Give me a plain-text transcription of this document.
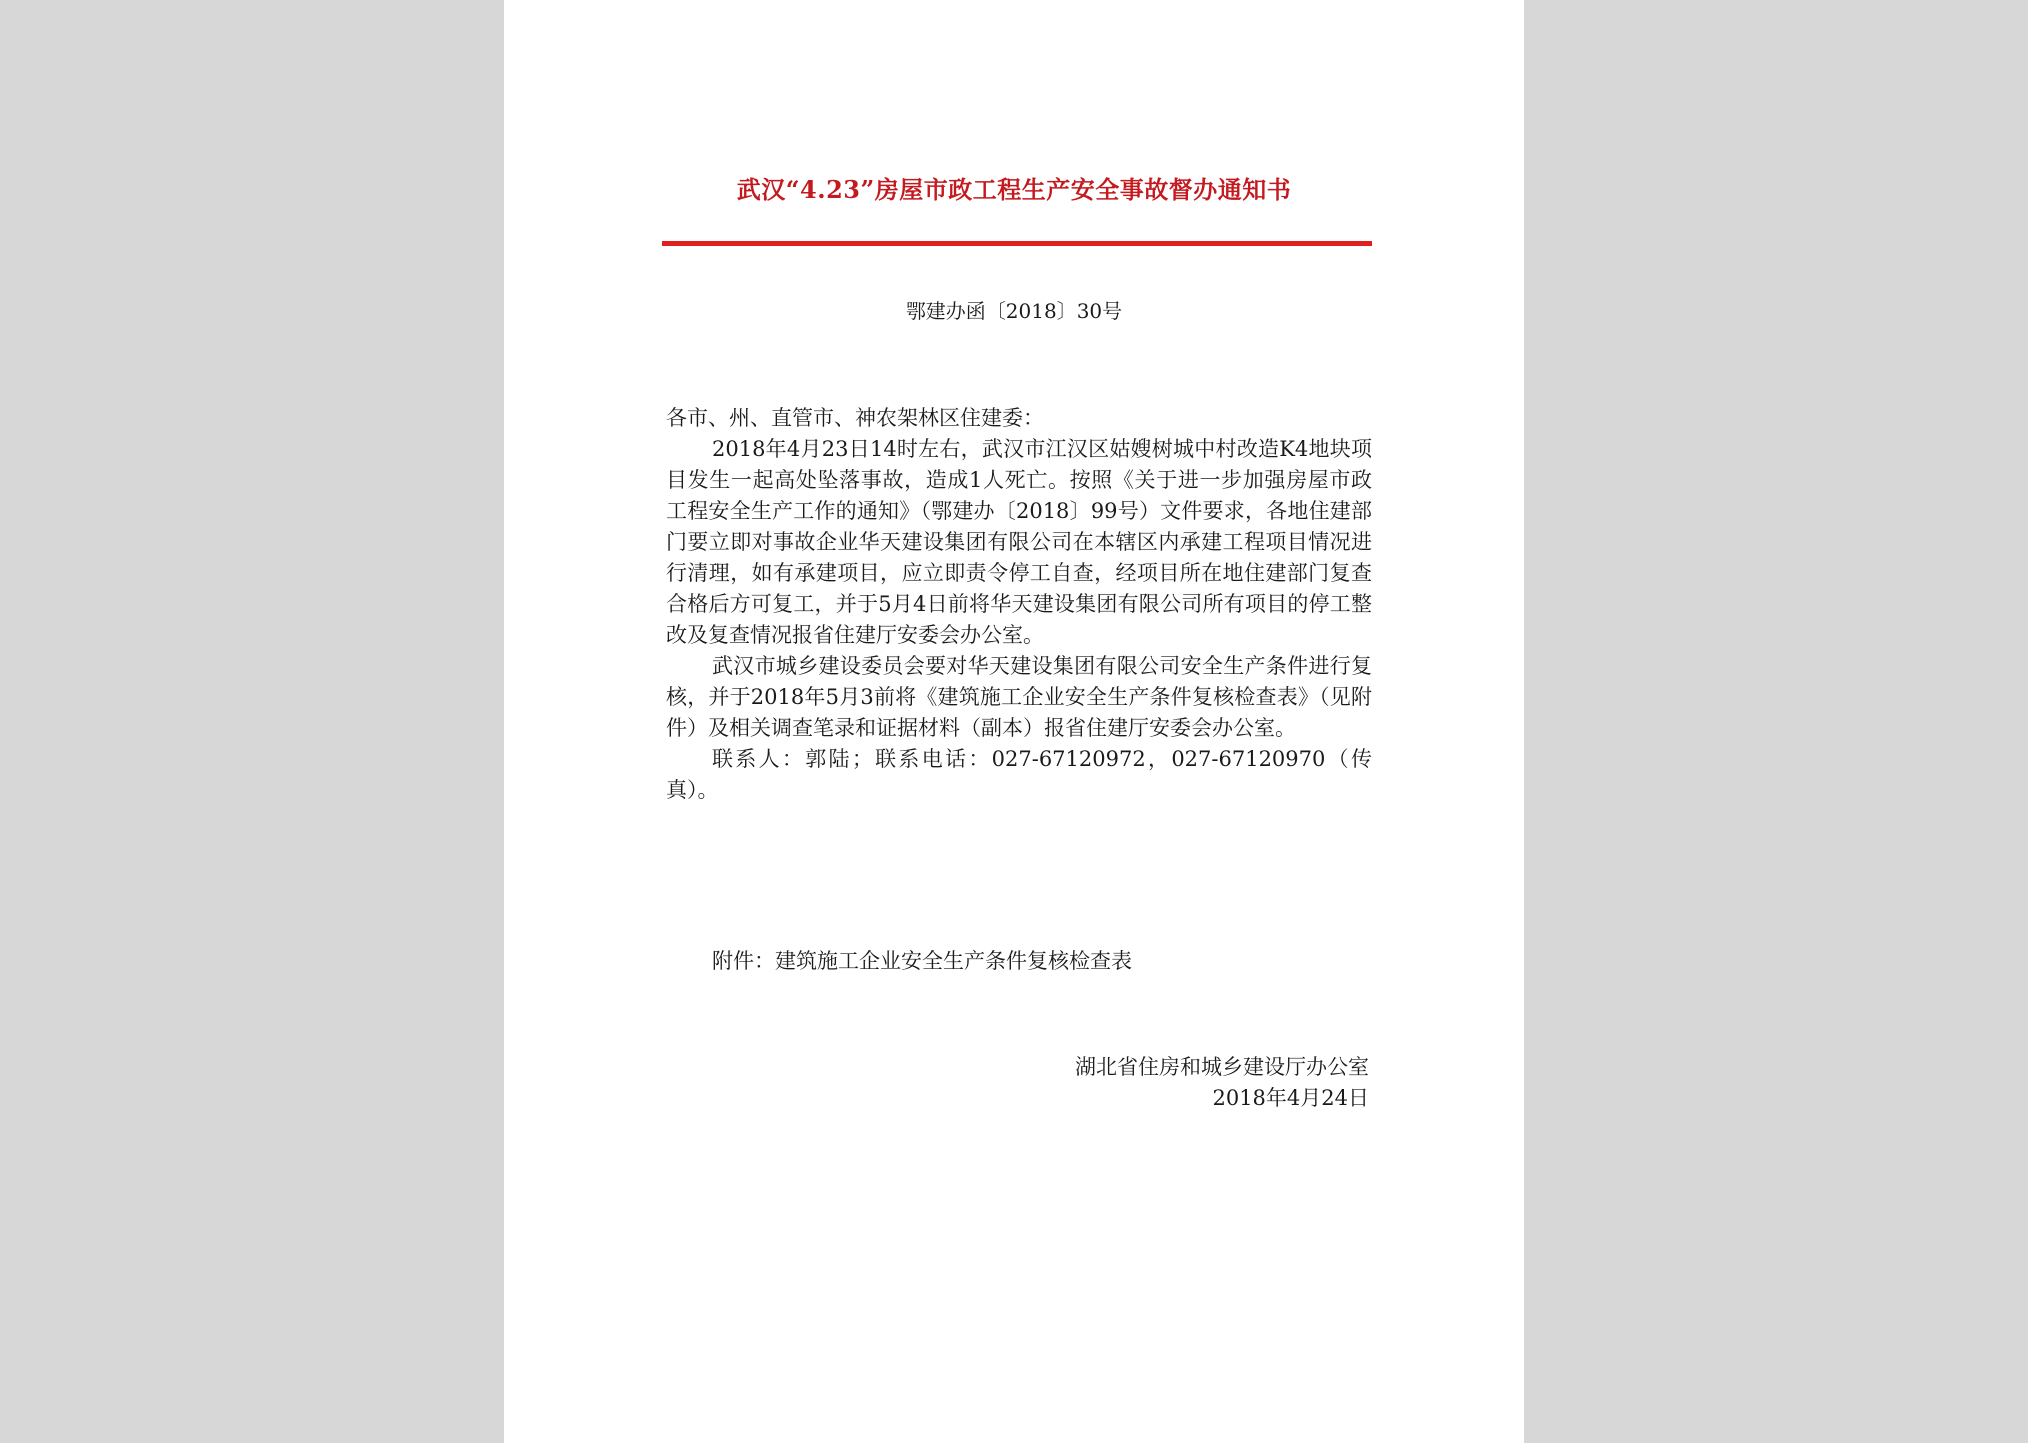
武汉“4.23”房屋市政工程生产安全事故督办通知书
鄂建办函〔2018〕30号

各市、州、直管市、神农架林区住建委：

2018年4月23日14时左右，武汉市江汉区姑嫂树城中村改造K4地块项目发生一起高处坠落事故，造成1人死亡。按照《关于进一步加强房屋市政工程安全生产工作的通知》（鄂建办〔2018〕99号）文件要求，各地住建部门要立即对事故企业华天建设集团有限公司在本辖区内承建工程项目情况进行清理，如有承建项目，应立即责令停工自查，经项目所在地住建部门复查合格后方可复工，并于5月4日前将华天建设集团有限公司所有项目的停工整改及复查情况报省住建厅安委会办公室。

武汉市城乡建设委员会要对华天建设集团有限公司安全生产条件进行复核，并于2018年5月3前将《建筑施工企业安全生产条件复核检查表》（见附件）及相关调查笔录和证据材料（副本）报省住建厅安委会办公室。

联系人：郭陆；联系电话：027-67120972，027-67120970（传真）。

附件：建筑施工企业安全生产条件复核检查表
湖北省住房和城乡建设厅办公室
2018年4月24日
